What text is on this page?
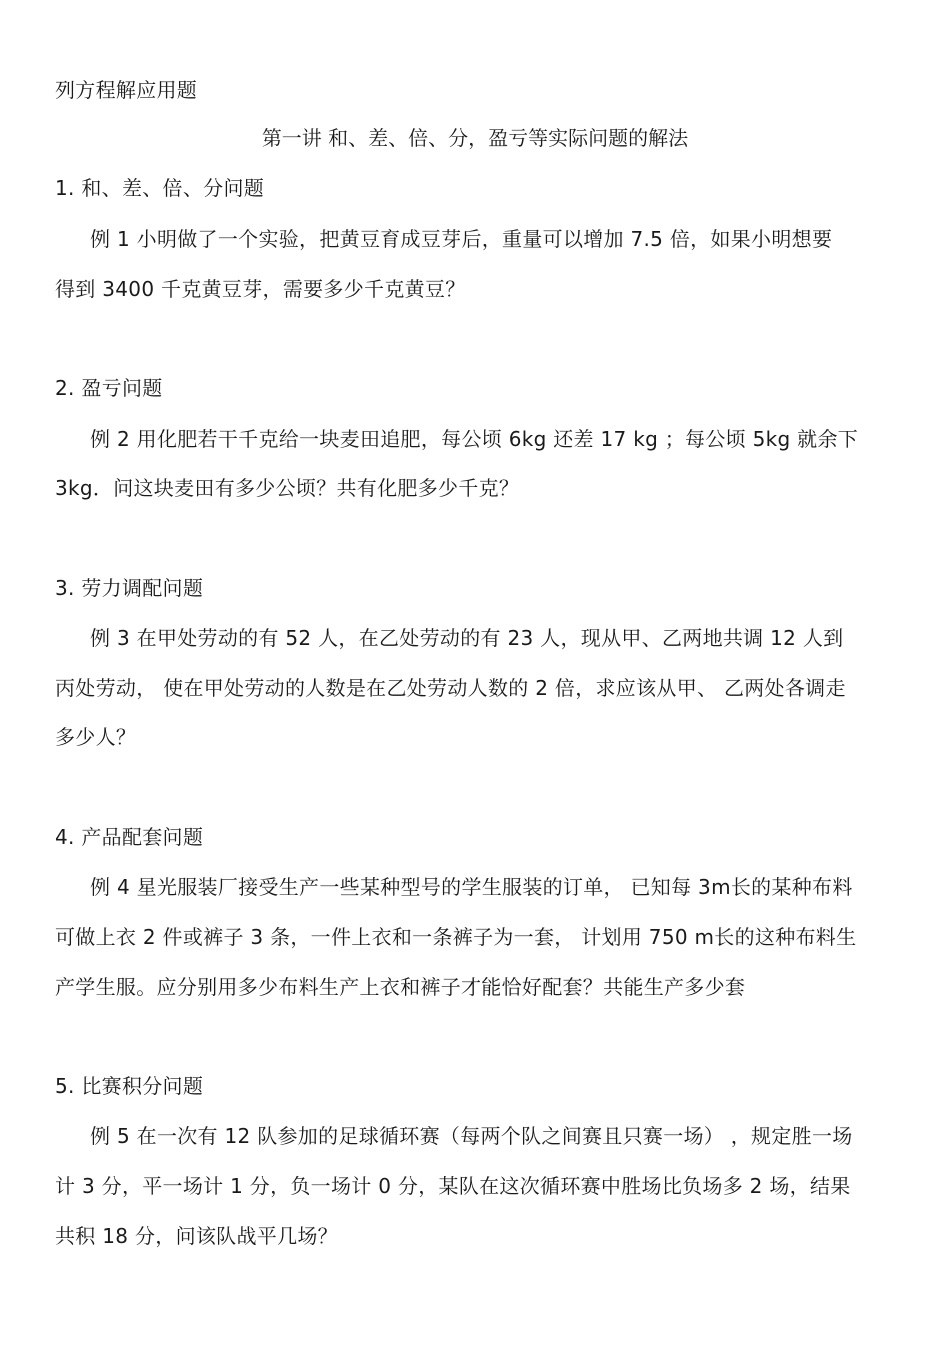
列方程解应用题
第一讲 和、差、倍、分，盈亏等实际问题的解法
1. 和、差、倍、分问题
例 1 小明做了一个实验，把黄豆育成豆芽后，重量可以增加 7.5 倍，如果小明想要
得到 3400 千克黄豆芽，需要多少千克黄豆？
2. 盈亏问题
例 2 用化肥若干千克给一块麦田追肥，每公顷 6kg 还差 17 kg ；每公顷 5kg 就余下
3kg．问这块麦田有多少公顷？共有化肥多少千克？
3. 劳力调配问题
例 3 在甲处劳动的有 52 人，在乙处劳动的有 23 人，现从甲、乙两地共调 12 人到
丙处劳动， 使在甲处劳动的人数是在乙处劳动人数的 2 倍，求应该从甲、 乙两处各调走
多少人？
4. 产品配套问题
例 4 星光服装厂接受生产一些某种型号的学生服装的订单， 已知每 3m长的某种布料
可做上衣 2 件或裤子 3 条，一件上衣和一条裤子为一套， 计划用 750 m长的这种布料生
产学生服。应分别用多少布料生产上衣和裤子才能恰好配套？共能生产多少套
5. 比赛积分问题
例 5 在一次有 12 队参加的足球循环赛（每两个队之间赛且只赛一场） ，规定胜一场
计 3 分，平一场计 1 分，负一场计 0 分，某队在这次循环赛中胜场比负场多 2 场，结果
共积 18 分，问该队战平几场？
